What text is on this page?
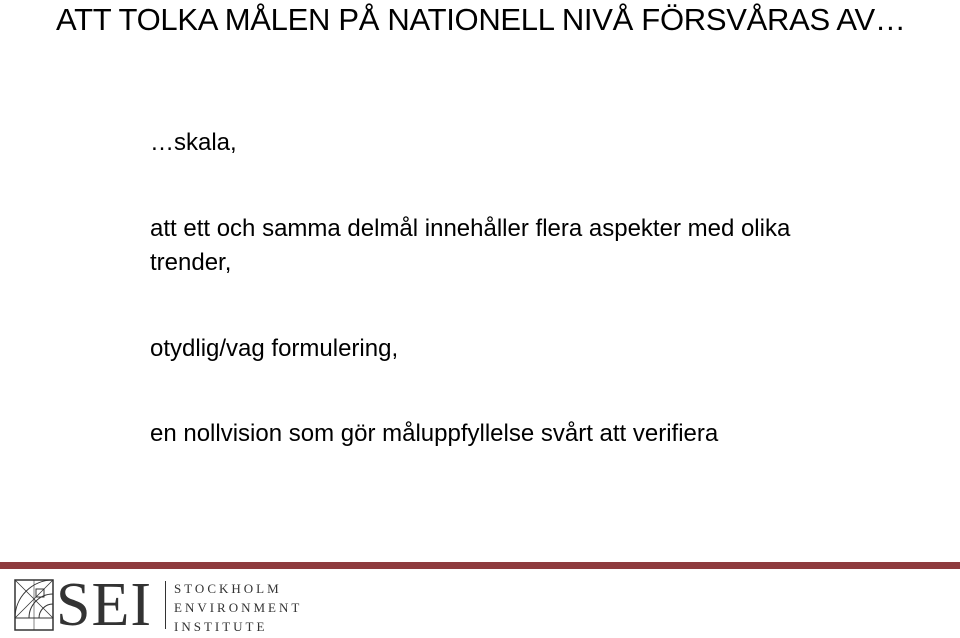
ATT TOLKA MÅLEN PÅ NATIONELL NIVÅ FÖRSVÅRAS AV…
…skala,
att ett och samma delmål innehåller flera aspekter med olika trender,
otydlig/vag formulering,
en nollvision som gör måluppfyllelse svårt att verifiera
SEI STOCKHOLM
ENVIRONMENT
INSTITUTE
